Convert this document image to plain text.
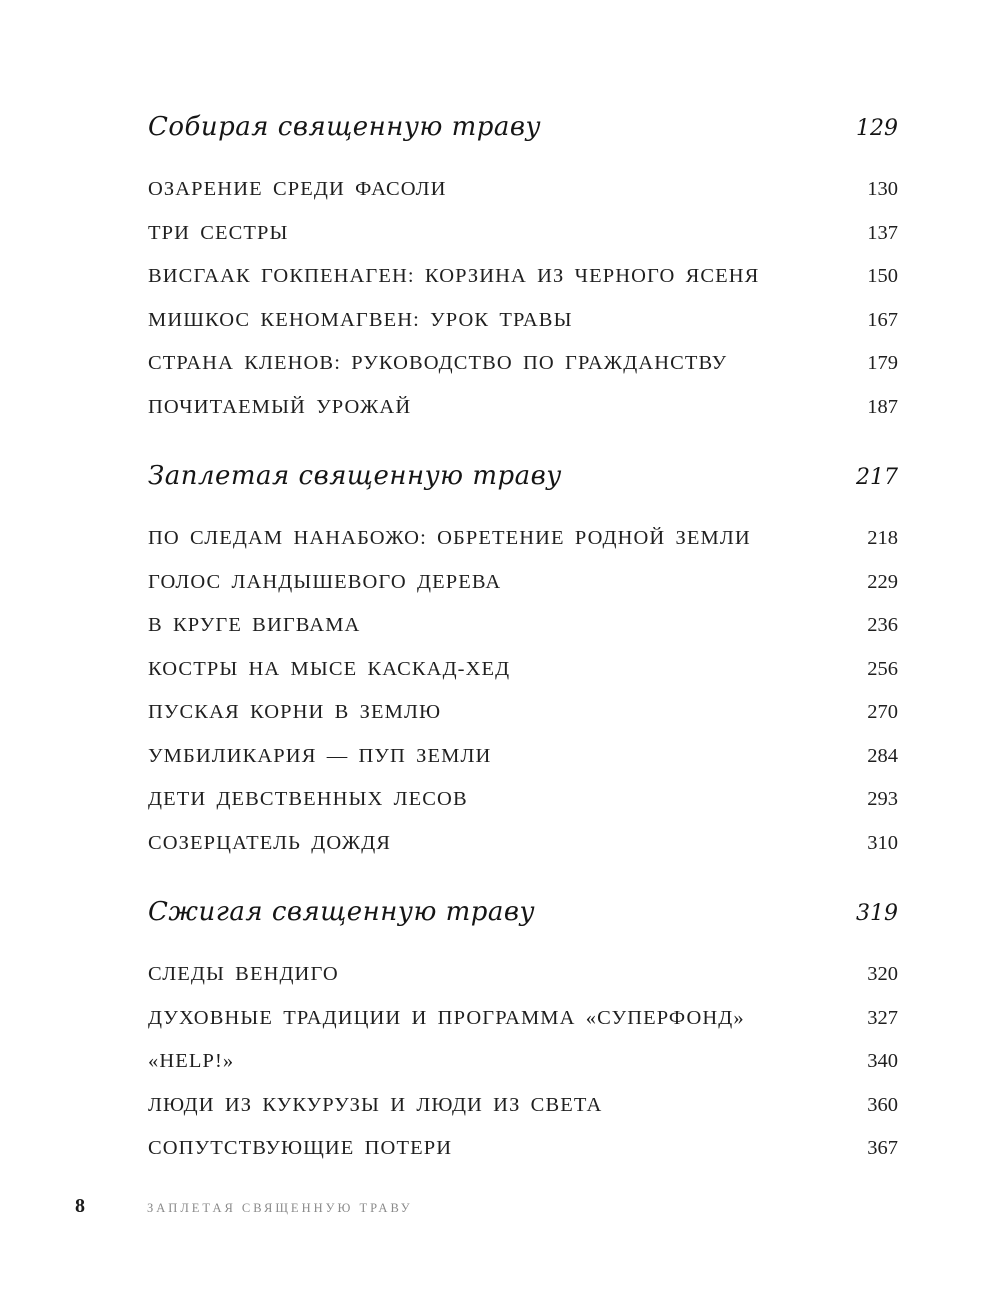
Собирая священную траву	129
ОЗАРЕНИЕ СРЕДИ ФАСОЛИ	130
ТРИ СЕСТРЫ	137
ВИСГААК ГОКПЕНАГЕН: КОРЗИНА ИЗ ЧЕРНОГО ЯСЕНЯ	150
МИШКОС КЕНОМАГВЕН: УРОК ТРАВЫ	167
СТРАНА КЛЕНОВ: РУКОВОДСТВО ПО ГРАЖДАНСТВУ	179
ПОЧИТАЕМЫЙ УРОЖАЙ	187
Заплетая священную траву	217
ПО СЛЕДАМ НАНАБОЖО: ОБРЕТЕНИЕ РОДНОЙ ЗЕМЛИ	218
ГОЛОС ЛАНДЫШЕВОГО ДЕРЕВА	229
В КРУГЕ ВИГВАМА	236
КОСТРЫ НА МЫСЕ КАСКАД-ХЕД	256
ПУСКАЯ КОРНИ В ЗЕМЛЮ	270
УМБИЛИКАРИЯ — ПУП ЗЕМЛИ	284
ДЕТИ ДЕВСТВЕННЫХ ЛЕСОВ	293
СОЗЕРЦАТЕЛЬ ДОЖДЯ	310
Сжигая священную траву	319
СЛЕДЫ ВЕНДИГО	320
ДУХОВНЫЕ ТРАДИЦИИ И ПРОГРАММА «СУПЕРФОНД»	327
«HELP!»	340
ЛЮДИ ИЗ КУКУРУЗЫ И ЛЮДИ ИЗ СВЕТА	360
СОПУТСТВУЮЩИЕ ПОТЕРИ	367
8	ЗАПЛЕТАЯ СВЯЩЕННУЮ ТРАВУ
